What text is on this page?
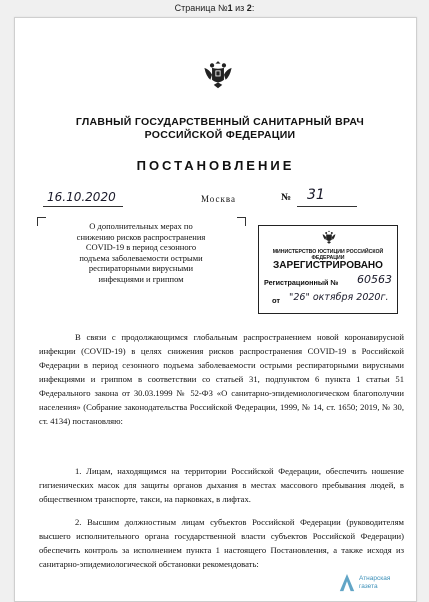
Страница №1 из 2:
ГЛАВНЫЙ ГОСУДАРСТВЕННЫЙ САНИТАРНЫЙ ВРАЧ
РОССИЙСКОЙ ФЕДЕРАЦИИ
ПОСТАНОВЛЕНИЕ
16.10.2020	Москва	№ 31
О дополнительных мерах по
снижению рисков распространения
COVID-19 в период сезонного
подъема заболеваемости острыми
респираторными вирусными
инфекциями и гриппом
МИНИСТЕРСТВО ЮСТИЦИИ РОССИЙСКОЙ ФЕДЕРАЦИИ
ЗАРЕГИСТРИРОВАНО
Регистрационный № 60563
от "26" октября 2020г.

В связи с продолжающимся глобальным распространением новой коронавирусной инфекции (COVID-19) в целях снижения рисков распространения COVID-19 в Российской Федерации в период сезонного подъема заболеваемости острыми респираторными вирусными инфекциями и гриппом в соответствии со статьей 31, подпунктом 6 пункта 1 статьи 51 Федерального закона от 30.03.1999 № 52-ФЗ «О санитарно-эпидемиологическом благополучии населения» (Собрание законодательства Российской Федерации, 1999, № 14, ст. 1650; 2019, № 30, ст. 4134) постановляю:

1. Лицам, находящимся на территории Российской Федерации, обеспечить ношение гигиенических масок для защиты органов дыхания в местах массового пребывания людей, в общественном транспорте, такси, на парковках, в лифтах.

2. Высшим должностным лицам субъектов Российской Федерации (руководителям высшего исполнительного органа государственной власти субъектов Российской Федерации) обеспечить контроль за исполнением пункта 1 настоящего Постановления, а также исходя из санитарно-эпидемиологической обстановки рекомендовать:

Атнарская
газета
